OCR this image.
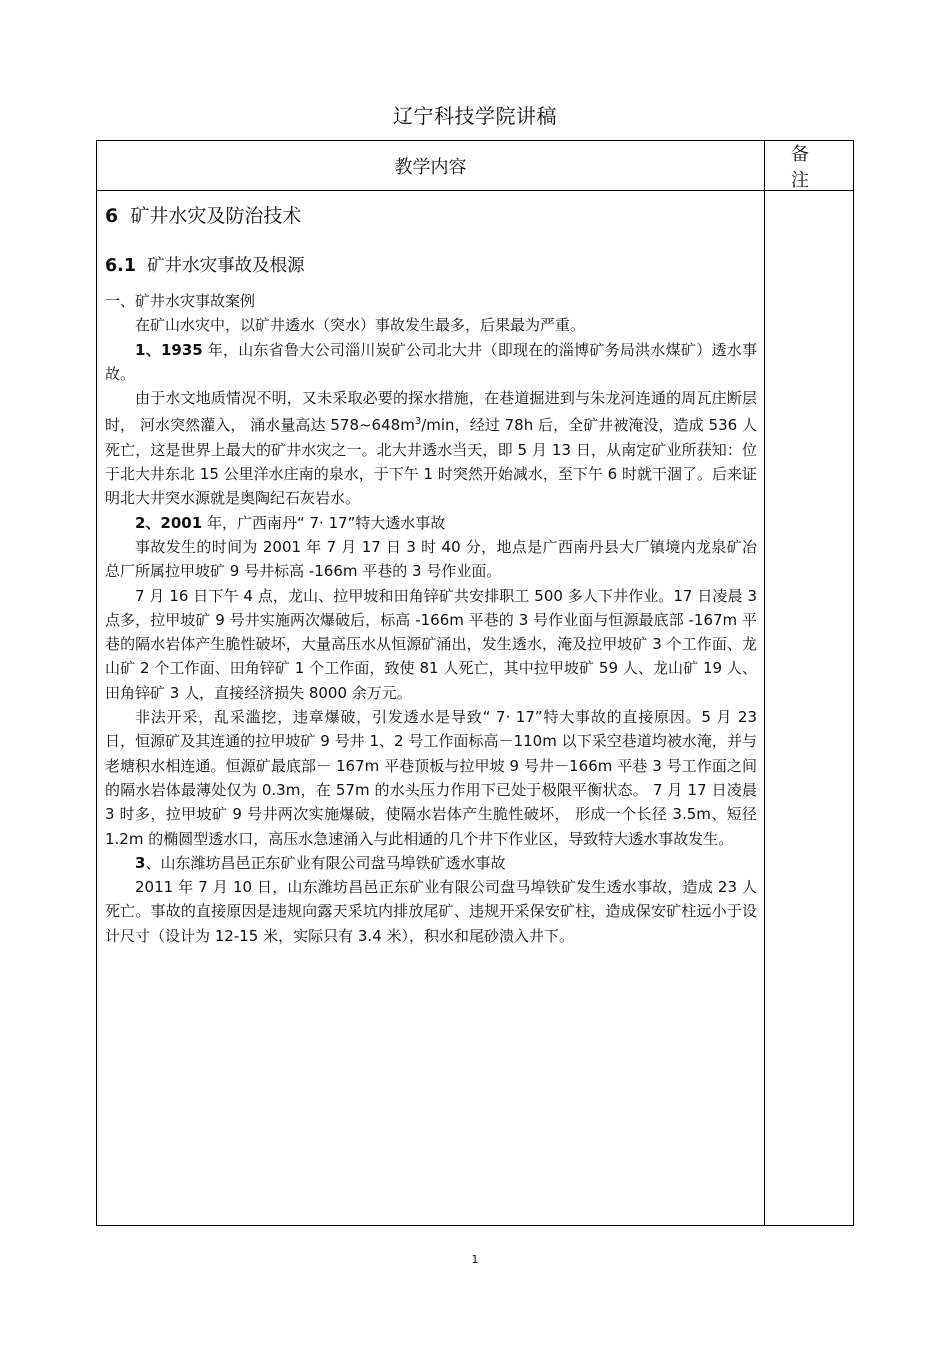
辽宁科技学院讲稿
教学内容
备 注
6 矿井水灾及防治技术
6.1 矿井水灾事故及根源

一、矿井水灾事故案例

在矿山水灾中，以矿井透水（突水）事故发生最多，后果最为严重。

1、1935 年，山东省鲁大公司淄川炭矿公司北大井（即现在的淄博矿务局洪水煤矿）透水事故。

由于水文地质情况不明，又未采取必要的探水措施，在巷道掘进到与朱龙河连通的周瓦庄断层时， 河水突然灌入， 涌水量高达 $578\sim 648m^3/\min$，经过 78h 后，全矿井被淹没，造成 536 人死亡，这是世界上最大的矿井水灾之一。北大井透水当天，即 5 月 13 日，从南定矿业所获知：位于北大井东北 15 公里洋水庄南的泉水，于下午 1 时突然开始减水，至下午 6 时就干涸了。后来证明北大井突水源就是奥陶纪石灰岩水。

2、2001 年，广西南丹“ 7· 17”特大透水事故

事故发生的时间为 2001 年 7 月 17 日 3 时 40 分，地点是广西南丹县大厂镇境内龙泉矿冶总厂所属拉甲坡矿 9 号井标高 -166m 平巷的 3 号作业面。

7 月 16 日下午 4 点，龙山、拉甲坡和田角锌矿共安排职工 500 多人下井作业。17 日凌晨 3 点多，拉甲坡矿 9 号井实施两次爆破后，标高 -166m 平巷的 3 号作业面与恒源最底部 -167m 平巷的隔水岩体产生脆性破坏，大量高压水从恒源矿涌出，发生透水，淹及拉甲坡矿 3 个工作面、龙山矿 2 个工作面、田角锌矿 1 个工作面，致使 81 人死亡，其中拉甲坡矿 59 人、龙山矿 19 人、田角锌矿 3 人，直接经济损失 8000 余万元。

非法开采，乱采滥挖，违章爆破，引发透水是导致“ 7· 17”特大事故的直接原因。5 月 23 日，恒源矿及其连通的拉甲坡矿 9 号井 1、2 号工作面标高－110m 以下采空巷道均被水淹，并与老塘积水相连通。恒源矿最底部－ 167m 平巷顶板与拉甲坡 9 号井－166m 平巷 3 号工作面之间的隔水岩体最薄处仅为 0.3m，在 57m 的水头压力作用下已处于极限平衡状态。 7 月 17 日凌晨 3 时多，拉甲坡矿 9 号井两次实施爆破，使隔水岩体产生脆性破坏， 形成一个长径 3.5m、短径 1.2m 的椭圆型透水口，高压水急速涌入与此相通的几个井下作业区，导致特大透水事故发生。

3、山东潍坊昌邑正东矿业有限公司盘马埠铁矿透水事故

2011 年 7 月 10 日，山东潍坊昌邑正东矿业有限公司盘马埠铁矿发生透水事故，造成 23 人死亡。事故的直接原因是违规向露天采坑内排放尾矿、违规开采保安矿柱，造成保安矿柱远小于设计尺寸（设计为 12-15 米，实际只有 3.4 米），积水和尾砂溃入井下。

1
